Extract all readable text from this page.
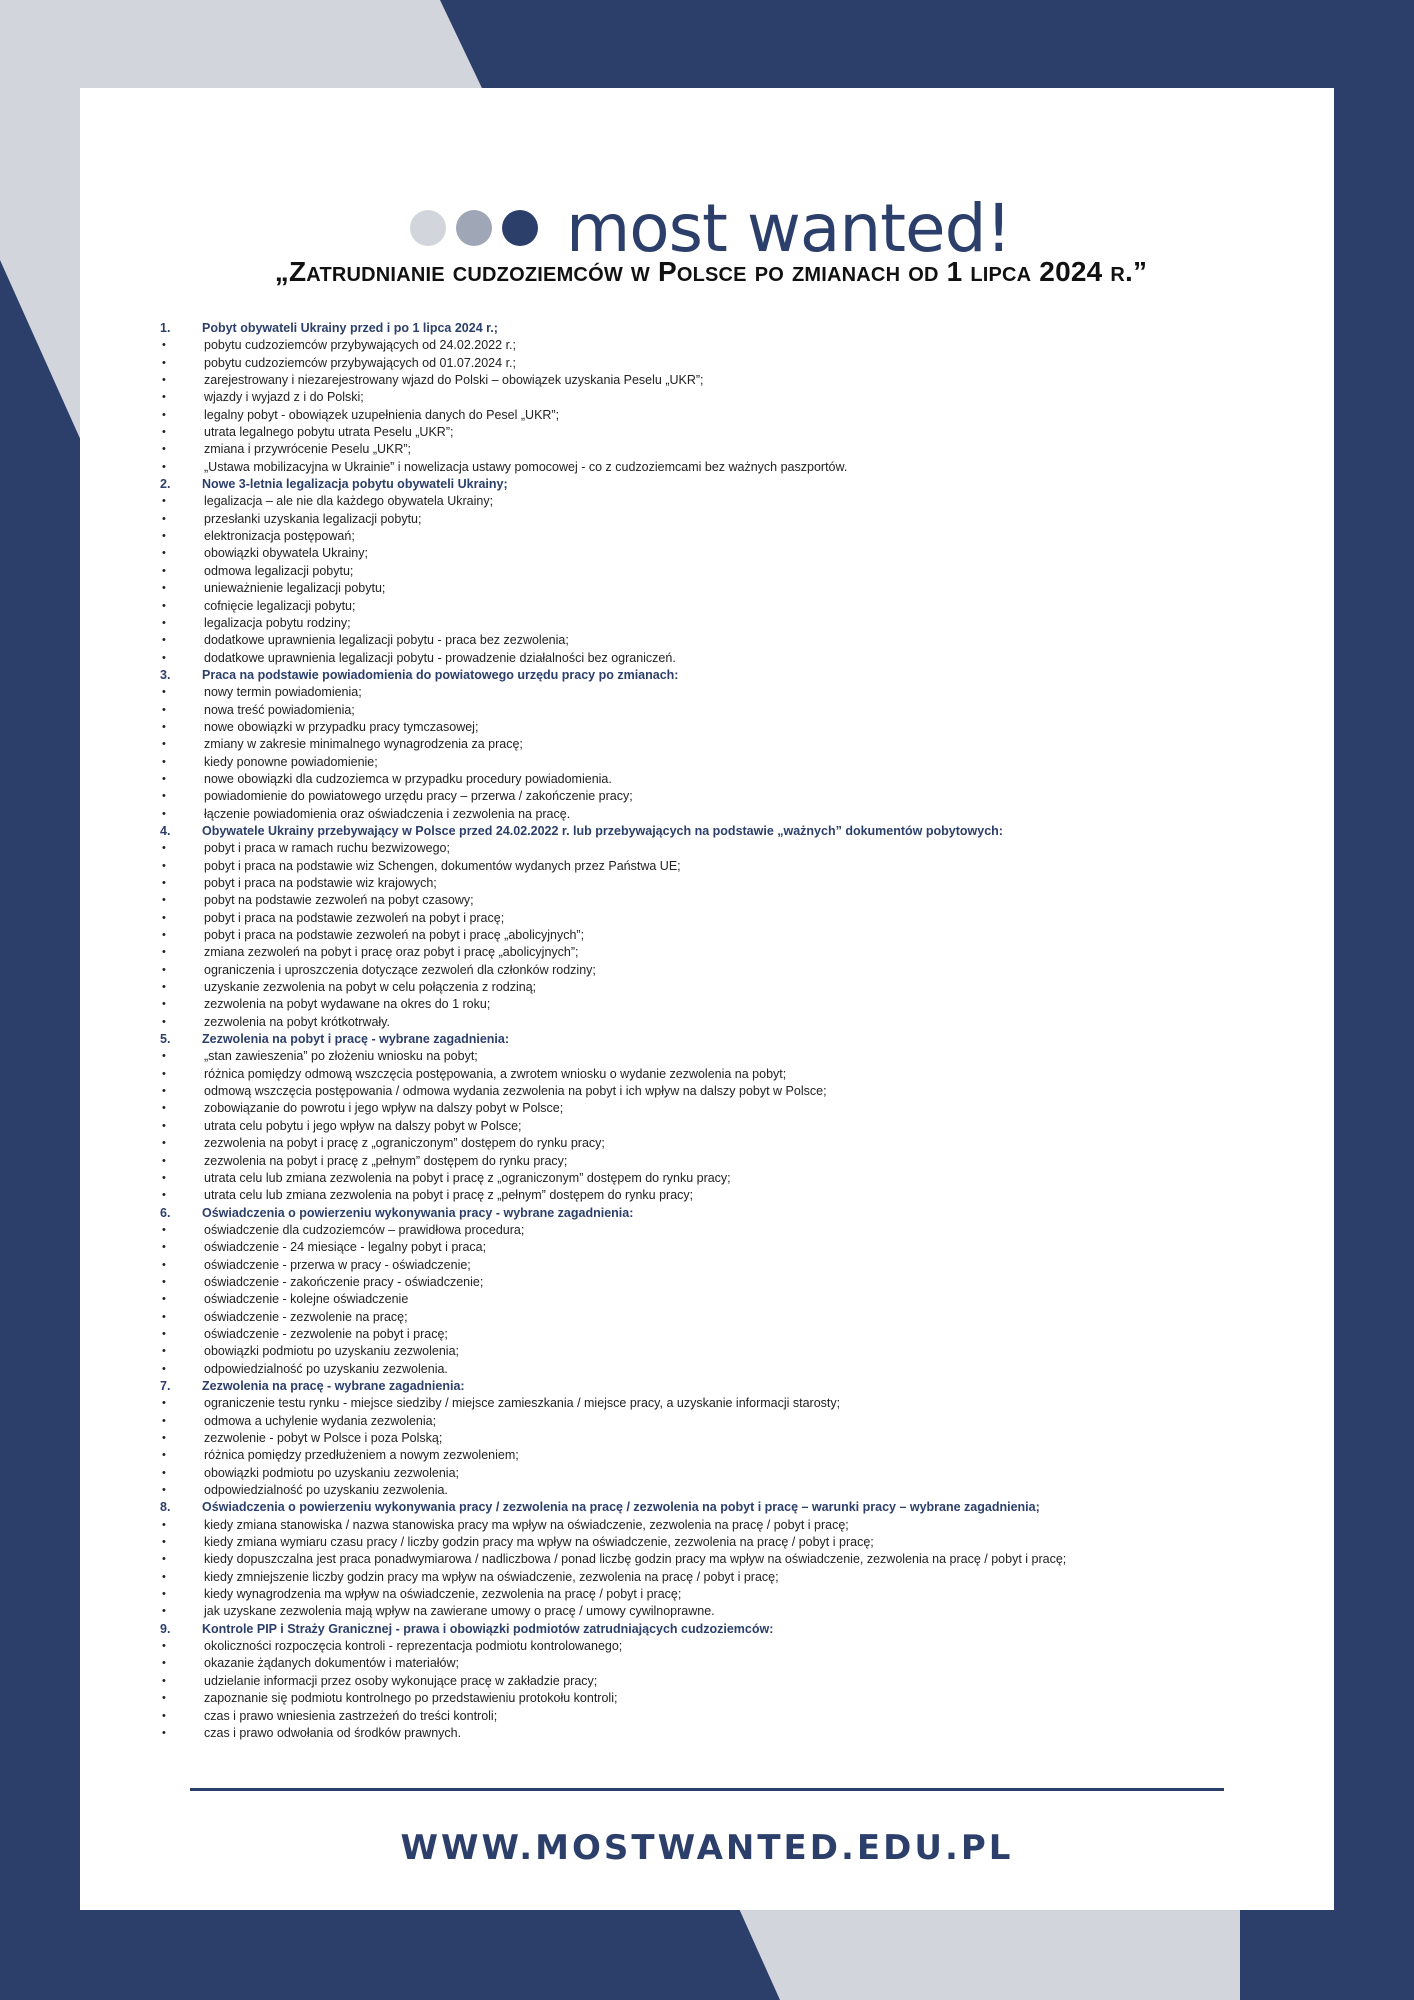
most wanted!
„Zatrudnianie cudzoziemców w Polsce po zmianach od 1 lipca 2024 r.”
1.	Pobyt obywateli Ukrainy przed i po 1 lipca 2024 r.;
•	pobytu cudzoziemców przybywających od 24.02.2022 r.;
•	pobytu cudzoziemców przybywających od 01.07.2024 r.;
•	zarejestrowany i niezarejestrowany wjazd do Polski – obowiązek uzyskania Peselu „UKR”;
•	wjazdy i wyjazd z i do Polski;
•	legalny pobyt - obowiązek uzupełnienia danych do Pesel „UKR”;
•	utrata legalnego pobytu utrata Peselu „UKR”;
•	zmiana i przywrócenie Peselu „UKR”;
•	„Ustawa mobilizacyjna w Ukrainie” i nowelizacja ustawy pomocowej - co z cudzoziemcami bez ważnych paszportów.
2.	Nowe 3-letnia legalizacja pobytu obywateli Ukrainy;
•	legalizacja – ale nie dla każdego obywatela Ukrainy;
•	przesłanki uzyskania legalizacji pobytu;
•	elektronizacja postępowań;
•	obowiązki obywatela Ukrainy;
•	odmowa legalizacji pobytu;
•	unieważnienie legalizacji pobytu;
•	cofnięcie legalizacji pobytu;
•	legalizacja pobytu rodziny;
•	dodatkowe uprawnienia legalizacji pobytu - praca bez zezwolenia;
•	dodatkowe uprawnienia legalizacji pobytu - prowadzenie działalności bez ograniczeń.
3.	Praca na podstawie powiadomienia do powiatowego urzędu pracy po zmianach:
•	nowy termin powiadomienia;
•	nowa treść powiadomienia;
•	nowe obowiązki w przypadku pracy tymczasowej;
•	zmiany w zakresie minimalnego wynagrodzenia za pracę;
•	kiedy ponowne powiadomienie;
•	nowe obowiązki dla cudzoziemca w przypadku procedury powiadomienia.
•	powiadomienie do powiatowego urzędu pracy – przerwa / zakończenie pracy;
•	łączenie powiadomienia oraz oświadczenia i zezwolenia na pracę.
4.	Obywatele Ukrainy przebywający w Polsce przed 24.02.2022 r. lub przebywających na podstawie „ważnych” dokumentów pobytowych:
•	pobyt i praca w ramach ruchu bezwizowego;
•	pobyt i praca na podstawie wiz Schengen, dokumentów wydanych przez Państwa UE;
•	pobyt i praca na podstawie wiz krajowych;
•	pobyt na podstawie zezwoleń na pobyt czasowy;
•	pobyt i praca na podstawie zezwoleń na pobyt i pracę;
•	pobyt i praca na podstawie zezwoleń na pobyt i pracę „abolicyjnych”;
•	zmiana zezwoleń na pobyt i pracę oraz pobyt i pracę „abolicyjnych”;
•	ograniczenia i uproszczenia dotyczące zezwoleń dla członków rodziny;
•	uzyskanie zezwolenia na pobyt w celu połączenia z rodziną;
•	zezwolenia na pobyt wydawane na okres do 1 roku;
•	zezwolenia na pobyt krótkotrwały.
5.	Zezwolenia na pobyt i pracę - wybrane zagadnienia:
•	„stan zawieszenia” po złożeniu wniosku na pobyt;
•	różnica pomiędzy odmową wszczęcia postępowania, a zwrotem wniosku o wydanie zezwolenia na pobyt;
•	odmową wszczęcia postępowania / odmowa wydania zezwolenia na pobyt i ich wpływ na dalszy pobyt w Polsce;
•	zobowiązanie do powrotu i jego wpływ na dalszy pobyt w Polsce;
•	utrata celu pobytu i jego wpływ na dalszy pobyt w Polsce;
•	zezwolenia na pobyt i pracę z „ograniczonym” dostępem do rynku pracy;
•	zezwolenia na pobyt i pracę z „pełnym” dostępem do rynku pracy;
•	utrata celu lub zmiana zezwolenia na pobyt i pracę z „ograniczonym” dostępem do rynku pracy;
•	utrata celu lub zmiana zezwolenia na pobyt i pracę z „pełnym” dostępem do rynku pracy;
6.	Oświadczenia o powierzeniu wykonywania pracy - wybrane zagadnienia:
•	oświadczenie dla cudzoziemców – prawidłowa procedura;
•	oświadczenie - 24 miesiące - legalny pobyt i praca;
•	oświadczenie - przerwa w pracy - oświadczenie;
•	oświadczenie - zakończenie pracy - oświadczenie;
•	oświadczenie - kolejne oświadczenie
•	oświadczenie - zezwolenie na pracę;
•	oświadczenie - zezwolenie na pobyt i pracę;
•	obowiązki podmiotu po uzyskaniu zezwolenia;
•	odpowiedzialność po uzyskaniu zezwolenia.
7.	Zezwolenia na pracę - wybrane zagadnienia:
•	ograniczenie testu rynku - miejsce siedziby / miejsce zamieszkania / miejsce pracy, a uzyskanie informacji starosty;
•	odmowa a uchylenie wydania zezwolenia;
•	zezwolenie - pobyt w Polsce i poza Polską;
•	różnica pomiędzy przedłużeniem a nowym zezwoleniem;
•	obowiązki podmiotu po uzyskaniu zezwolenia;
•	odpowiedzialność po uzyskaniu zezwolenia.
8.	Oświadczenia o powierzeniu wykonywania pracy / zezwolenia na pracę / zezwolenia na pobyt i pracę – warunki pracy – wybrane zagadnienia;
•	kiedy zmiana stanowiska / nazwa stanowiska pracy ma wpływ na oświadczenie, zezwolenia na pracę / pobyt i pracę;
•	kiedy zmiana wymiaru czasu pracy / liczby godzin pracy ma wpływ na oświadczenie, zezwolenia na pracę / pobyt i pracę;
•	kiedy dopuszczalna jest praca ponadwymiarowa / nadliczbowa / ponad liczbę godzin pracy ma wpływ na oświadczenie, zezwolenia na pracę / pobyt i pracę;
•	kiedy zmniejszenie liczby godzin pracy ma wpływ na oświadczenie, zezwolenia na pracę / pobyt i pracę;
•	kiedy wynagrodzenia ma wpływ na oświadczenie, zezwolenia na pracę / pobyt i pracę;
•	jak uzyskane zezwolenia mają wpływ na zawierane umowy o pracę / umowy cywilnoprawne.
9.	Kontrole PIP i Straży Granicznej - prawa i obowiązki podmiotów zatrudniających cudzoziemców:
•	okoliczności rozpoczęcia kontroli - reprezentacja podmiotu kontrolowanego;
•	okazanie żądanych dokumentów i materiałów;
•	udzielanie informacji przez osoby wykonujące pracę w zakładzie pracy;
•	zapoznanie się podmiotu kontrolnego po przedstawieniu protokołu kontroli;
•	czas i prawo wniesienia zastrzeżeń do treści kontroli;
•	czas i prawo odwołania od środków prawnych.
WWW.MOSTWANTED.EDU.PL
